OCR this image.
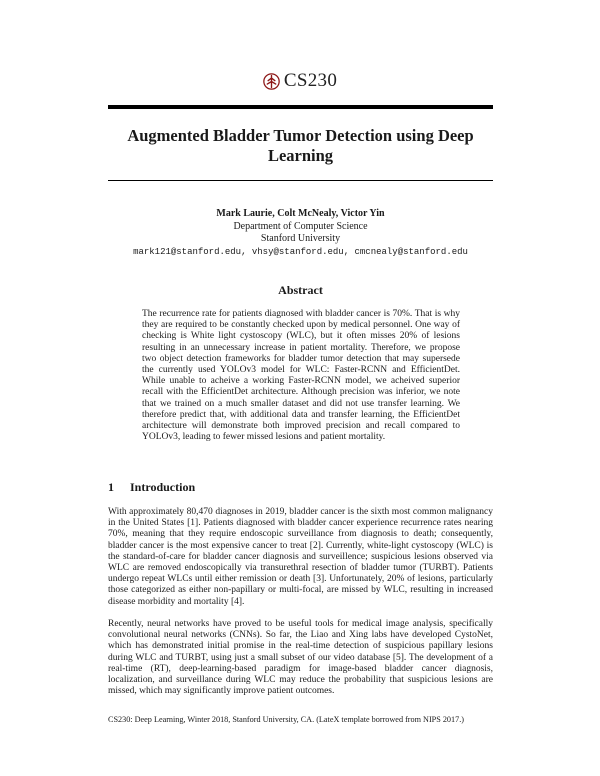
CS230
Augmented Bladder Tumor Detection using Deep Learning
Mark Laurie, Colt McNealy, Victor Yin
Department of Computer Science
Stanford University
mark121@stanford.edu, vhsy@stanford.edu, cmcnealy@stanford.edu
Abstract
The recurrence rate for patients diagnosed with bladder cancer is 70%. That is why they are required to be constantly checked upon by medical personnel. One way of checking is White light cystoscopy (WLC), but it often misses 20% of lesions resulting in an unnecessary increase in patient mortality. Therefore, we propose two object detection frameworks for bladder tumor detection that may supersede the currently used YOLOv3 model for WLC: Faster-RCNN and EfficientDet. While unable to acheive a working Faster-RCNN model, we acheived superior recall with the EfficientDet architecture. Although precision was inferior, we note that we trained on a much smaller dataset and did not use transfer learning. We therefore predict that, with additional data and transfer learning, the EfficientDet architecture will demonstrate both improved precision and recall compared to YOLOv3, leading to fewer missed lesions and patient mortality.
1 Introduction
With approximately 80,470 diagnoses in 2019, bladder cancer is the sixth most common malignancy in the United States [1]. Patients diagnosed with bladder cancer experience recurrence rates nearing 70%, meaning that they require endoscopic surveillance from diagnosis to death; consequently, bladder cancer is the most expensive cancer to treat [2]. Currently, white-light cystoscopy (WLC) is the standard-of-care for bladder cancer diagnosis and surveillence; suspicious lesions observed via WLC are removed endoscopically via transurethral resection of bladder tumor (TURBT). Patients undergo repeat WLCs until either remission or death [3]. Unfortunately, 20% of lesions, particularly those categorized as either non-papillary or multi-focal, are missed by WLC, resulting in increased disease morbidity and mortality [4].
Recently, neural networks have proved to be useful tools for medical image analysis, specifically convolutional neural networks (CNNs). So far, the Liao and Xing labs have developed CystoNet, which has demonstrated initial promise in the real-time detection of suspicious papillary lesions during WLC and TURBT, using just a small subset of our video database [5]. The development of a real-time (RT), deep-learning-based paradigm for image-based bladder cancer diagnosis, localization, and surveillance during WLC may reduce the probability that suspicious lesions are missed, which may significantly improve patient outcomes.
CS230: Deep Learning, Winter 2018, Stanford University, CA. (LateX template borrowed from NIPS 2017.)
